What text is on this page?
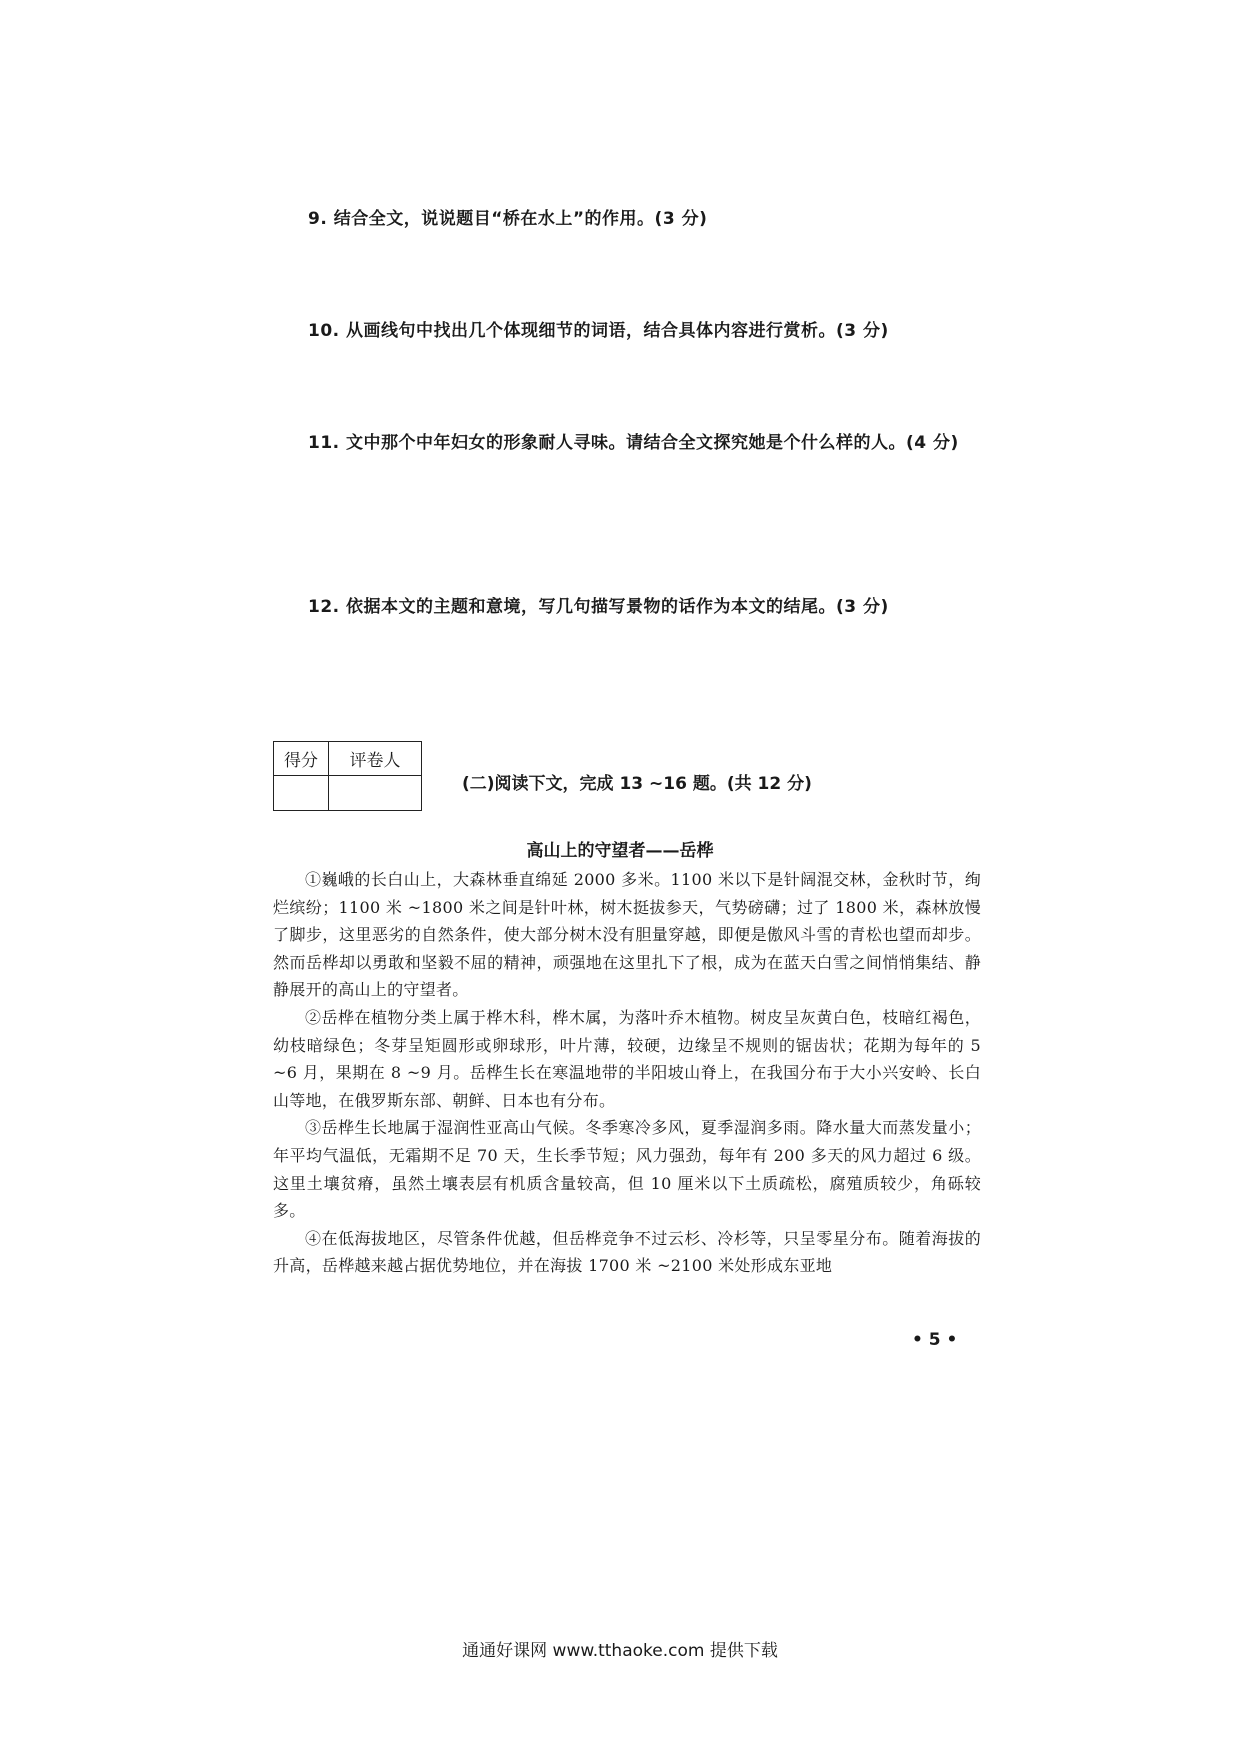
9. 结合全文，说说题目“桥在水上”的作用。(3 分)
10. 从画线句中找出几个体现细节的词语，结合具体内容进行赏析。(3 分)
11. 文中那个中年妇女的形象耐人寻味。请结合全文探究她是个什么样的人。(4 分)
12. 依据本文的主题和意境，写几句描写景物的话作为本文的结尾。(3 分)
得分	评卷人

(二)阅读下文，完成 13 ~16 题。(共 12 分)
高山上的守望者——岳桦

①巍峨的长白山上，大森林垂直绵延 2000 多米。1100 米以下是针阔混交林，金秋时节，绚烂缤纷；1100 米 ~1800 米之间是针叶林，树木挺拔参天，气势磅礴；过了 1800 米，森林放慢了脚步，这里恶劣的自然条件，使大部分树木没有胆量穿越，即便是傲风斗雪的青松也望而却步。然而岳桦却以勇敢和坚毅不屈的精神，顽强地在这里扎下了根，成为在蓝天白雪之间悄悄集结、静静展开的高山上的守望者。

②岳桦在植物分类上属于桦木科，桦木属，为落叶乔木植物。树皮呈灰黄白色，枝暗红褐色，幼枝暗绿色；冬芽呈矩圆形或卵球形，叶片薄，较硬，边缘呈不规则的锯齿状；花期为每年的 5 ~6 月，果期在 8 ~9 月。岳桦生长在寒温地带的半阳坡山脊上，在我国分布于大小兴安岭、长白山等地，在俄罗斯东部、朝鲜、日本也有分布。

③岳桦生长地属于湿润性亚高山气候。冬季寒冷多风，夏季湿润多雨。降水量大而蒸发量小；年平均气温低，无霜期不足 70 天，生长季节短；风力强劲，每年有 200 多天的风力超过 6 级。这里土壤贫瘠，虽然土壤表层有机质含量较高，但 10 厘米以下土质疏松，腐殖质较少，角砾较多。

④在低海拔地区，尽管条件优越，但岳桦竞争不过云杉、冷杉等，只呈零星分布。随着海拔的升高，岳桦越来越占据优势地位，并在海拔 1700 米 ~2100 米处形成东亚地

• 5 •
通通好课网 www.tthaoke.com 提供下载
